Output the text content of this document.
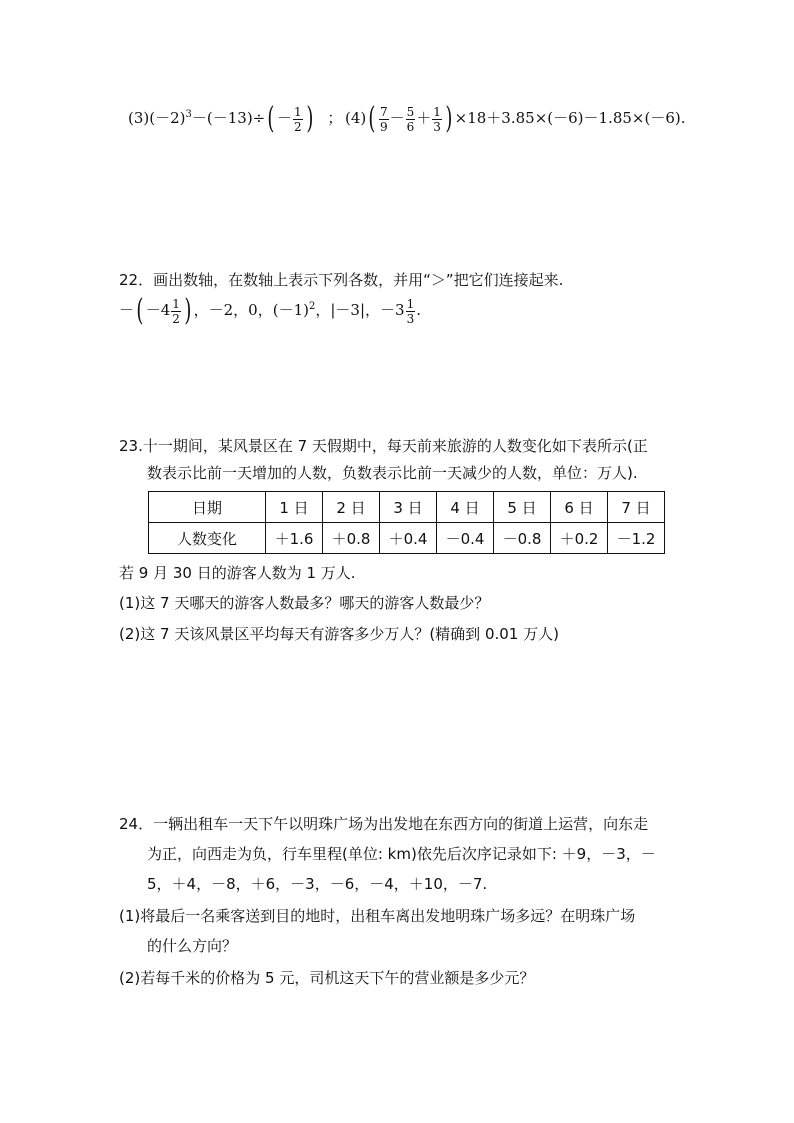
$(3)(-2)^3-(-13)\div( - \frac{1}{2}$ ) ； $(4)( \frac{7}{9} - \frac{5}{6} + \frac{1}{3}$ ) ×18＋3.85×(－6)－1.85×(－6).
22．画出数轴，在数轴上表示下列各数，并用“＞”把它们连接起来.
－( $-4 \frac{1}{2}$ ) ，－2，0，$(-1)^2$，|－3|，$-3 \frac{1}{3}$ .
23.十一期间，某风景区在 7 天假期中，每天前来旅游的人数变化如下表所示(正
数表示比前一天增加的人数，负数表示比前一天减少的人数，单位：万人).
日期	1 日	2 日	3 日	4 日	5 日	6 日	7 日
人数变化	＋1.6	＋0.8	＋0.4	－0.4	－0.8	＋0.2	－1.2
若 9 月 30 日的游客人数为 1 万人.
(1)这 7 天哪天的游客人数最多？哪天的游客人数最少？
(2)这 7 天该风景区平均每天有游客多少万人？(精确到 0.01 万人)
24．一辆出租车一天下午以明珠广场为出发地在东西方向的街道上运营，向东走
为正，向西走为负，行车里程(单位: km)依先后次序记录如下: ＋9，－3，－
5，＋4，－8，＋6，－3，－6，－4，＋10，－7.
(1)将最后一名乘客送到目的地时，出租车离出发地明珠广场多远？在明珠广场
的什么方向？
(2)若每千米的价格为 5 元，司机这天下午的营业额是多少元？
